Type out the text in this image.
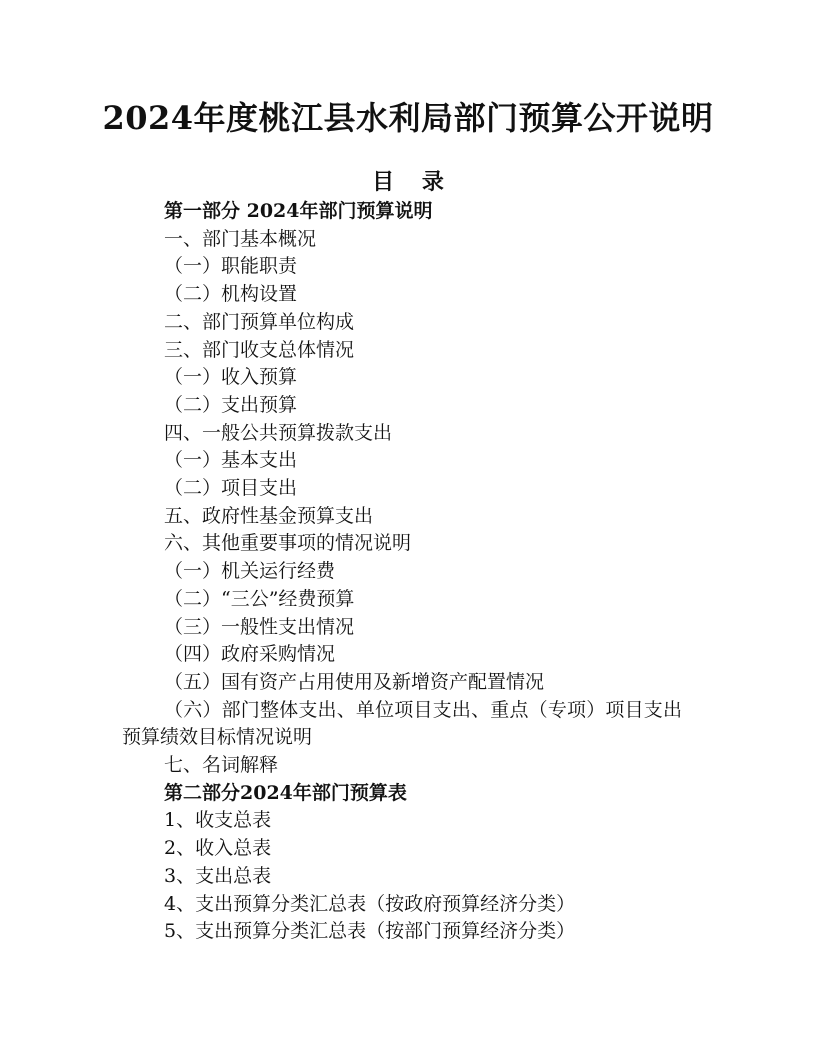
2024年度桃江县水利局部门预算公开说明
目 录
第一部分 2024年部门预算说明
一、部门基本概况
（一）职能职责
（二）机构设置
二、部门预算单位构成
三、部门收支总体情况
（一）收入预算
（二）支出预算
四、一般公共预算拨款支出
（一）基本支出
（二）项目支出
五、政府性基金预算支出
六、其他重要事项的情况说明
（一）机关运行经费
（二）“三公”经费预算
（三）一般性支出情况
（四）政府采购情况
（五）国有资产占用使用及新增资产配置情况
（六）部门整体支出、单位项目支出、重点（专项）项目支出预算绩效目标情况说明
七、名词解释
第二部分2024年部门预算表
1、收支总表
2、收入总表
3、支出总表
4、支出预算分类汇总表（按政府预算经济分类）
5、支出预算分类汇总表（按部门预算经济分类）
